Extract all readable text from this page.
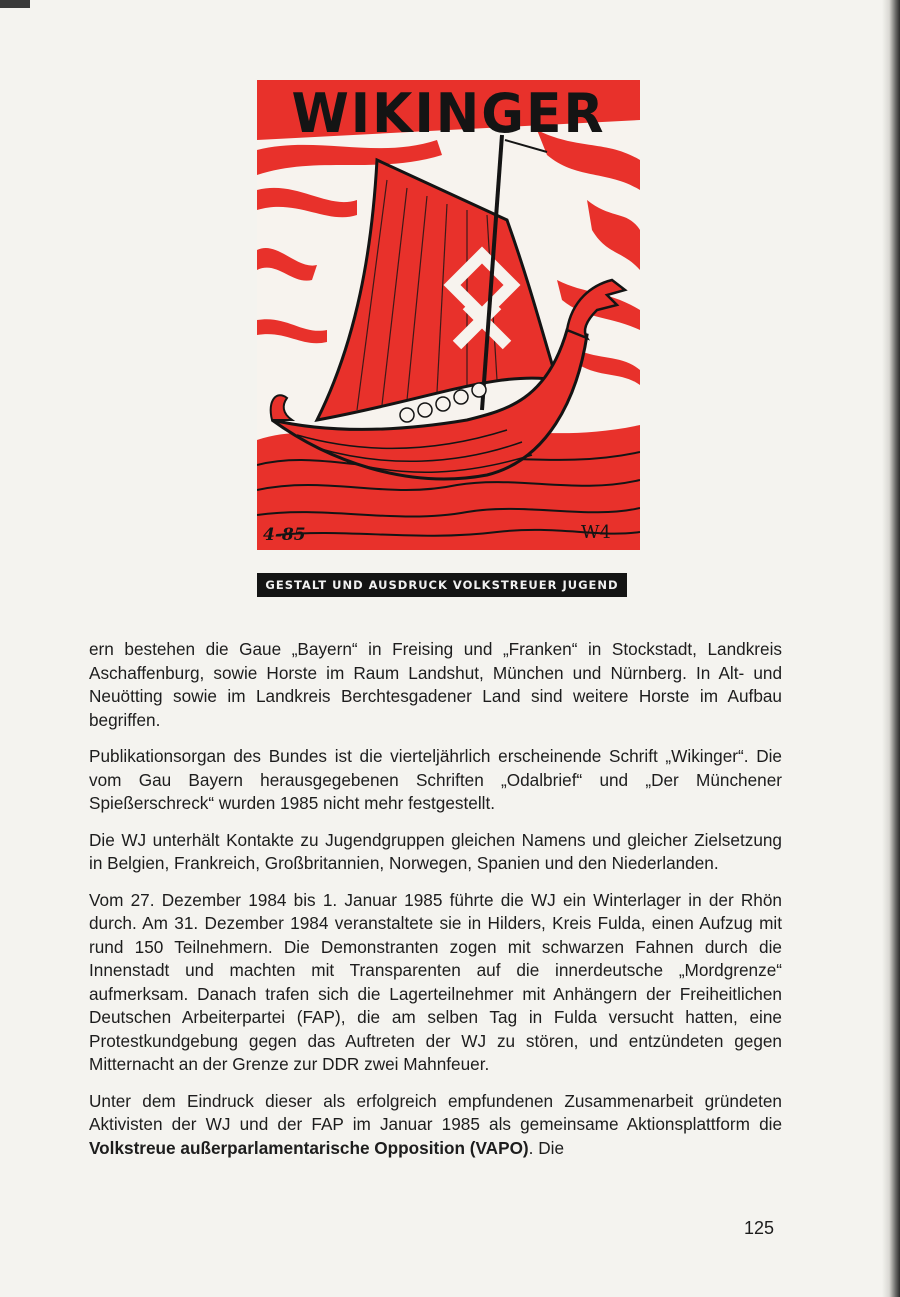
WIKINGER
4-85	W4
GESTALT UND AUSDRUCK VOLKSTREUER JUGEND

ern bestehen die Gaue „Bayern“ in Freising und „Franken“ in Stockstadt, Landkreis Aschaffenburg, sowie Horste im Raum Landshut, München und Nürnberg. In Alt- und Neuötting sowie im Landkreis Berchtesgadener Land sind weitere Horste im Aufbau begriffen.

Publikationsorgan des Bundes ist die vierteljährlich erscheinende Schrift „Wikinger“. Die vom Gau Bayern herausgegebenen Schriften „Odalbrief“ und „Der Münchener Spießerschreck“ wurden 1985 nicht mehr festgestellt.

Die WJ unterhält Kontakte zu Jugendgruppen gleichen Namens und gleicher Zielsetzung in Belgien, Frankreich, Großbritannien, Norwegen, Spanien und den Niederlanden.

Vom 27. Dezember 1984 bis 1. Januar 1985 führte die WJ ein Winterlager in der Rhön durch. Am 31. Dezember 1984 veranstaltete sie in Hilders, Kreis Fulda, einen Aufzug mit rund 150 Teilnehmern. Die Demonstranten zogen mit schwarzen Fahnen durch die Innenstadt und machten mit Transparenten auf die innerdeutsche „Mordgrenze“ aufmerksam. Danach trafen sich die Lagerteilnehmer mit Anhängern der Freiheitlichen Deutschen Arbeiterpartei (FAP), die am selben Tag in Fulda versucht hatten, eine Protestkundgebung gegen das Auftreten der WJ zu stören, und entzündeten gegen Mitternacht an der Grenze zur DDR zwei Mahnfeuer.

Unter dem Eindruck dieser als erfolgreich empfundenen Zusammenarbeit gründeten Aktivisten der WJ und der FAP im Januar 1985 als gemeinsame Aktionsplattform die Volkstreue außerparlamentarische Opposition (VAPO). Die

125
